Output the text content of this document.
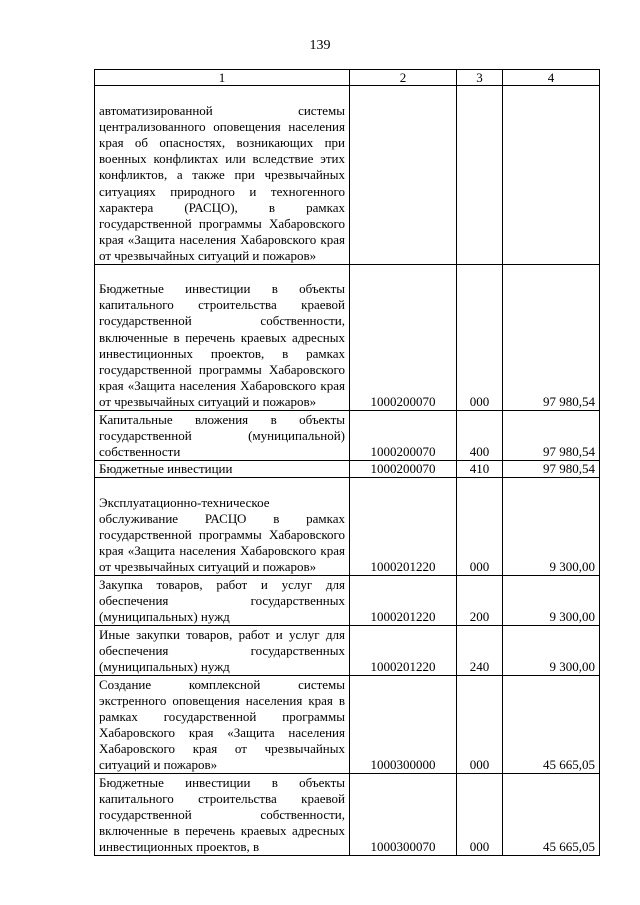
139
1	2	3	4
автоматизированной системы централизованного оповещения населения края об опасностях, возникающих при военных конфликтах или вследствие этих конфликтов, а также при чрезвычайных ситуациях природного и техногенного характера (РАСЦО), в рамках государственной программы Хабаровского края «Защита населения Хабаровского края от чрезвычайных ситуаций и пожаров»			
Бюджетные инвестиции в объекты капитального строительства краевой государственной собственности, включенные в перечень краевых адресных инвестиционных проектов, в рамках государственной программы Хабаровского края «Защита населения Хабаровского края от чрезвычайных ситуаций и пожаров»	1000200070	000	97 980,54
Капитальные вложения в объекты государственной (муниципальной) собственности	1000200070	400	97 980,54
Бюджетные инвестиции	1000200070	410	97 980,54
Эксплуатационно-техническое обслуживание РАСЦО в рамках государственной программы Хабаровского края «Защита населения Хабаровского края от чрезвычайных ситуаций и пожаров»	1000201220	000	9 300,00
Закупка товаров, работ и услуг для обеспечения государственных (муниципальных) нужд	1000201220	200	9 300,00
Иные закупки товаров, работ и услуг для обеспечения государственных (муниципальных) нужд	1000201220	240	9 300,00
Создание комплексной системы экстренного оповещения населения края в рамках государственной программы Хабаровского края «Защита населения Хабаровского края от чрезвычайных ситуаций и пожаров»	1000300000	000	45 665,05
Бюджетные инвестиции в объекты капитального строительства краевой государственной собственности, включенные в перечень краевых адресных инвестиционных проектов, в	1000300070	000	45 665,05
